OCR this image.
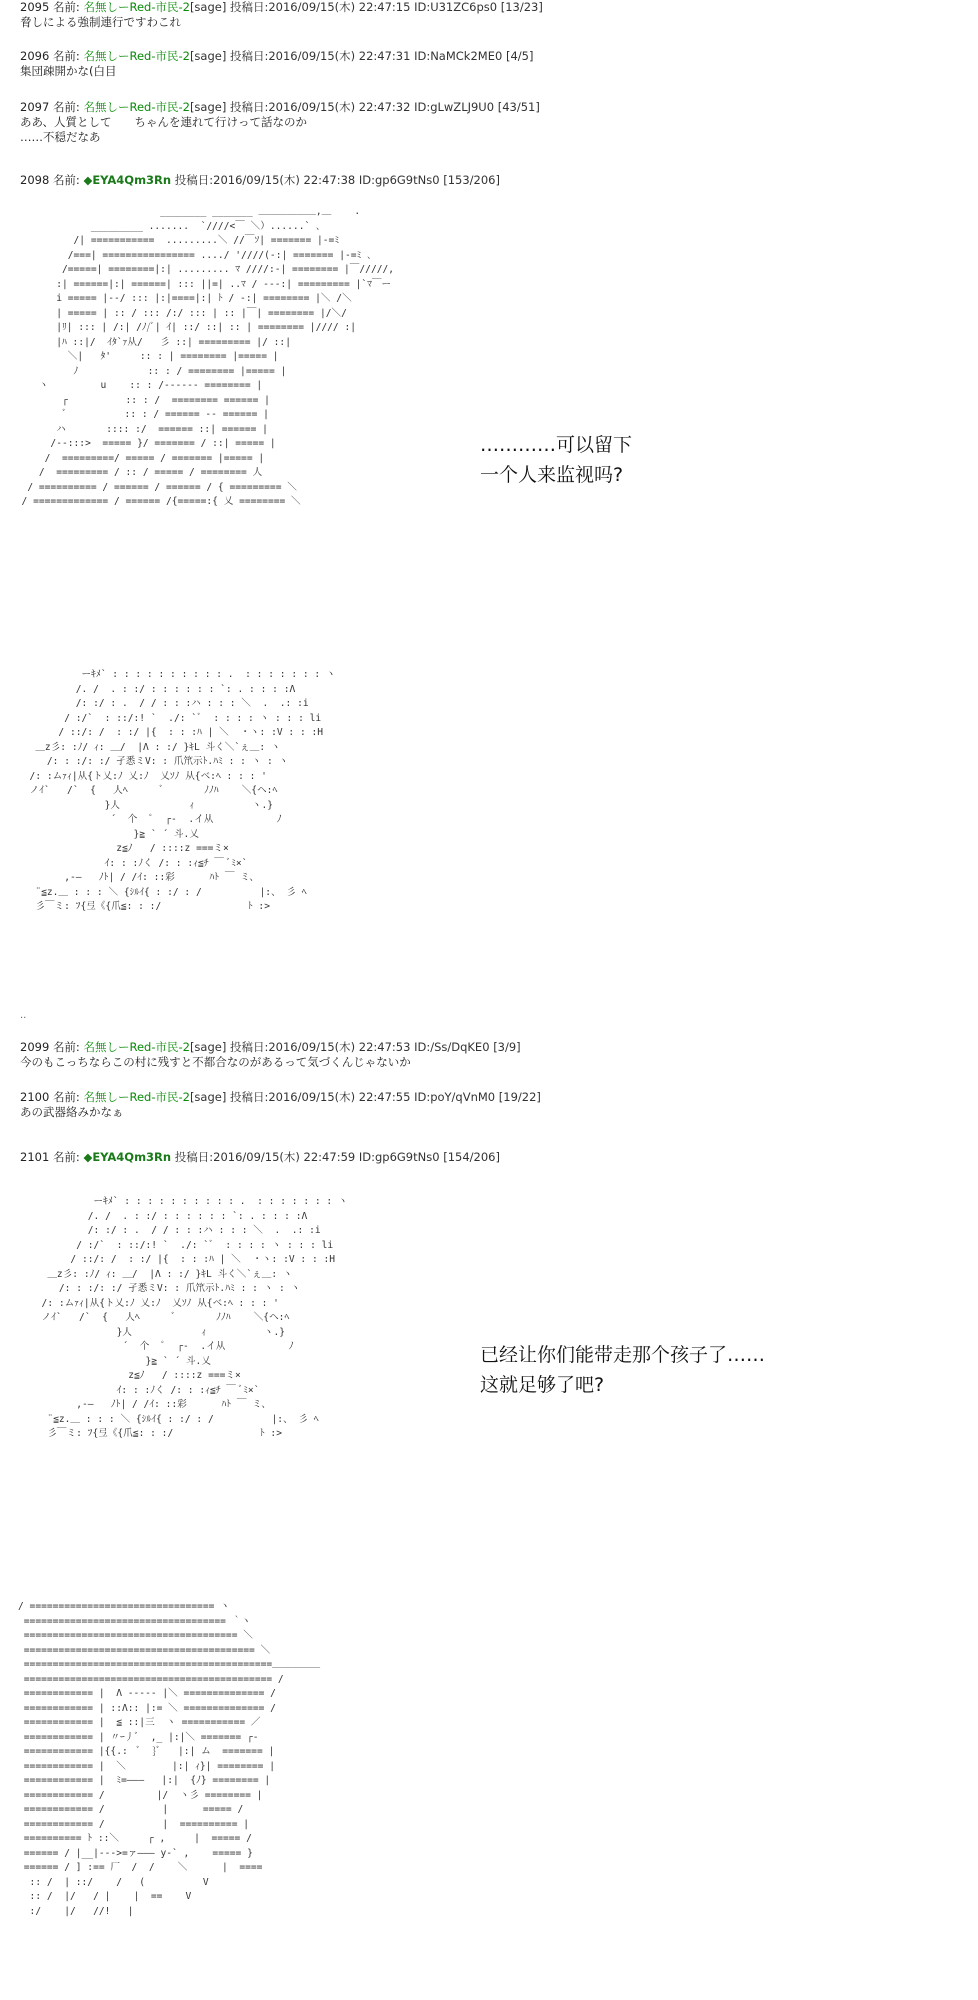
2095 名前: 名無しーRed-市民-2[sage] 投稿日:2016/09/15(木) 22:47:15 ID:U31ZC6ps0 [13/23]
脅しによる強制連行ですわこれ
2096 名前: 名無しーRed-市民-2[sage] 投稿日:2016/09/15(木) 22:47:31 ID:NaMCk2ME0 [4/5]
集団疎開かな(白目
2097 名前: 名無しーRed-市民-2[sage] 投稿日:2016/09/15(木) 22:47:32 ID:gLwZLJ9U0 [43/51]
ああ、人質として　　ちゃんを連れて行けって話なのか
……不穏だなあ
2098 名前: ◆EYA4Qm3Rn 投稿日:2016/09/15(木) 22:47:38 ID:gp6G9tNs0 [153/206]
________ _______ ＿＿＿＿＿＿,＿    .
_________ .......  `////<￣ ＼）......` ､
/| ===========  .........＼ //￣ｿ| ======= |-=ﾐ
/===| ================ ..../ '////(-:| ======= |-=ﾐ ､
/=====| ========|:| ......... ﾏ ////:-| ======== |￣/////,
:| ======|:| ======| ::: ||=| ..ﾏ / ---:| ========= |`ﾏ￣ー
i ===== |--/ ::: |:|====|:| ﾄ / -:| ======== |＼ /＼
| ===== | :: / ::: /:/ ::: | :: |￣| ======== |/＼/
|ﾘ| ::: | /:| /ﾉ/ﾞ| ｲ| ::/ ::| :: | ======== |//// :|
|ﾊ ::|/  ｲﾀ`ｧ从/   彡 ::| ========= |/ ::|
＼|   ﾀ'     :: : | ======== |===== |
ﾉ            :: : / ======== |===== |
ヽ         u    :: : /------ ======== |
┌          :: : /  ======== ====== |
ﾞ          :: : / ====== -- ====== |
ハ       :::: :/  ====== ::| ====== |
/--:::>  ===== }/ ======= / ::| ===== |
/  =========/ ===== / ======= |===== |
/  ========= / :: / ===== / ======== 人
/ ========== / ====== / ====== / { ========= ＼
/ ============= / ====== /{=====:{ 乂 ======== ＼
…………可以留下
一个人来监视吗?
ーｷﾒ` : : : : : : : : : : .  : : : : : : : ヽ
/. /  . : :/ : : : : : : `: . : : : :Λ
/: :/ : .  / / : : :ハ : : : ＼  .  .: :i
/ :/`  : ::/:! `  ./: `ﾞ  : : : : ヽ : : : li
/ ::/: /  : :/ |{  : : :ﾊ | ＼  ・ヽ: :V : : :H
＿z彡: :ﾉ/ ｨ: ＿/  |Λ : :/ }ｷL 斗く＼`ぇ＿: ヽ
/: : :/: :/ 孑悉ミV: : 爪笊示ﾄ.ﾊﾐ : : ヽ : ヽ
/: :ムｧｨ|从{ト乂:ﾉ 乂:ﾉ  乂ｿﾉ 从{ベ:ﾍ : : : '
ノｲ`   /`  {   人ﾍ      ﾞ       ﾉﾉﾊ    ＼{ヘ:ﾍ
}人            ｨ          ヽ.}
´  个  ﾟ  ┌‐  .イ从           ﾉ
}≧ ` ´ 斗.乂
z≦ﾉ   / ::::z ===ミ×
ｲ: : :ﾉく /: : :ｨ≦ﾁ ￣ ﾞﾐ×`
,-―   ﾉﾄ| / /ｲ: ::彩      ﾊﾄ ￣ ミ、
¨≦z.＿ : : : ＼ {ｼﾙｲ{ : :/ : /          |:、 彡 ﾍ
彡￣ミ: ﾌ{弖《{爪≦: : :/               ﾄ :>
..
2099 名前: 名無しーRed-市民-2[sage] 投稿日:2016/09/15(木) 22:47:53 ID:/Ss/DqKE0 [3/9]
今のもこっちならこの村に残すと不都合なのがあるって気づくんじゃないか
2100 名前: 名無しーRed-市民-2[sage] 投稿日:2016/09/15(木) 22:47:55 ID:poY/qVnM0 [19/22]
あの武器絡みかなぁ
2101 名前: ◆EYA4Qm3Rn 投稿日:2016/09/15(木) 22:47:59 ID:gp6G9tNs0 [154/206]
ーｷﾒ` : : : : : : : : : : .  : : : : : : : ヽ
/. /  . : :/ : : : : : : `: . : : : :Λ
/: :/ : .  / / : : :ハ : : : ＼  .  .: :i
/ :/`  : ::/:! `  ./: `ﾞ  : : : : ヽ : : : li
/ ::/: /  : :/ |{  : : :ﾊ | ＼  ・ヽ: :V : : :H
＿z彡: :ﾉ/ ｨ: ＿/  |Λ : :/ }ｷL 斗く＼`ぇ＿: ヽ
/: : :/: :/ 孑悉ミV: : 爪笊示ﾄ.ﾊﾐ : : ヽ : ヽ
/: :ムｧｨ|从{ト乂:ﾉ 乂:ﾉ  乂ｿﾉ 从{ベ:ﾍ : : : '
ノｲ`   /`  {   人ﾍ      ﾞ       ﾉﾉﾊ    ＼{ヘ:ﾍ
}人            ｨ          ヽ.}
´  个  ﾟ  ┌‐  .イ从           ﾉ
}≧ ` ´ 斗.乂
z≦ﾉ   / ::::z ===ミ×
ｲ: : :ﾉく /: : :ｨ≦ﾁ ￣ ﾞﾐ×`
,-―   ﾉﾄ| / /ｲ: ::彩      ﾊﾄ ￣ ミ、
¨≦z.＿ : : : ＼ {ｼﾙｲ{ : :/ : /          |:、 彡 ﾍ
彡￣ミ: ﾌ{弖《{爪≦: : :/               ﾄ :>
已经让你们能带走那个孩子了……
这就足够了吧?
/ ================================ ヽ
=================================== ｀ヽ
===================================== ＼
======================================== ＼
===========================================＿＿＿＿＿
=========================================== /
============ |  Λ ----- |＼ ============== /
============ | ::Λ:: |:= ＼ ============== /
============ |  ≦ ::|三  ヽ =========== ／
============ | 〃ｰ丿ﾞ  ,_ |:|＼ ======= ┌‐
============ |{{.:  ﾞ  }ﾞ   |:| ム  ======= |
============ |  ＼        |:| ｨ}| ======== |
============ |  ﾐ=―――   |:|  {ﾉ} ======== |
============ /         |/  ヽ彡 ======== |
============ /          |      ===== /
============ /          |  ========== |
========== ﾄ ::＼     ┌ ,     |  ===== /
====== / |__|--->=ァ――― y-` ,    ===== }
====== / ] :== 厂  /  /    ＼      |  ====
:: /  | ::/    /   (          V
:: /  |/   / |    |  ==    V
:/    |/   //!   |
